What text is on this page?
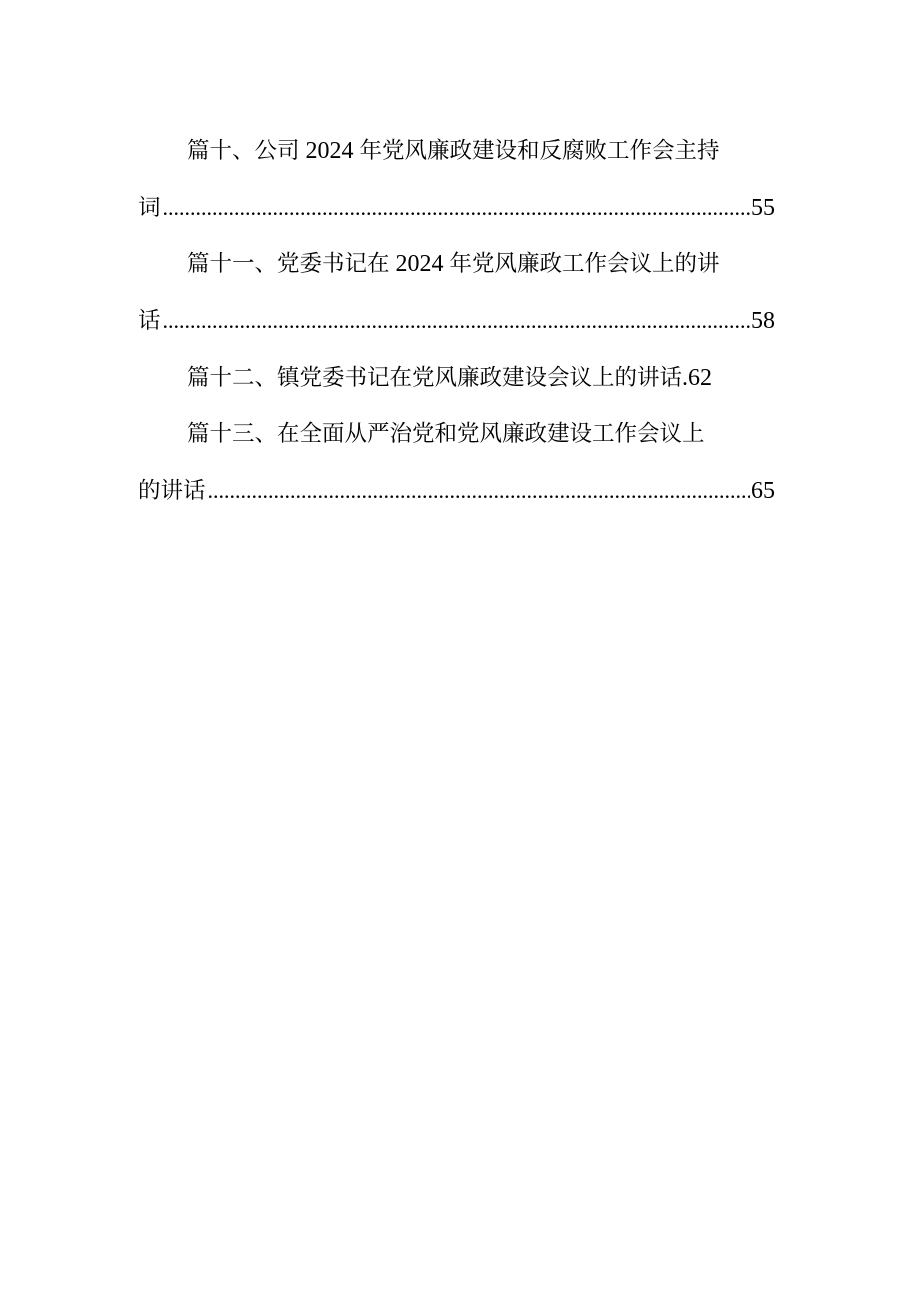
篇十、公司 2024 年党风廉政建设和反腐败工作会主持
词 .....	55
篇十一、党委书记在 2024 年党风廉政工作会议上的讲
话 .....	58
篇十二、镇党委书记在党风廉政建设会议上的讲话 .62
篇十三、在全面从严治党和党风廉政建设工作会议上
的讲话 .....	65
